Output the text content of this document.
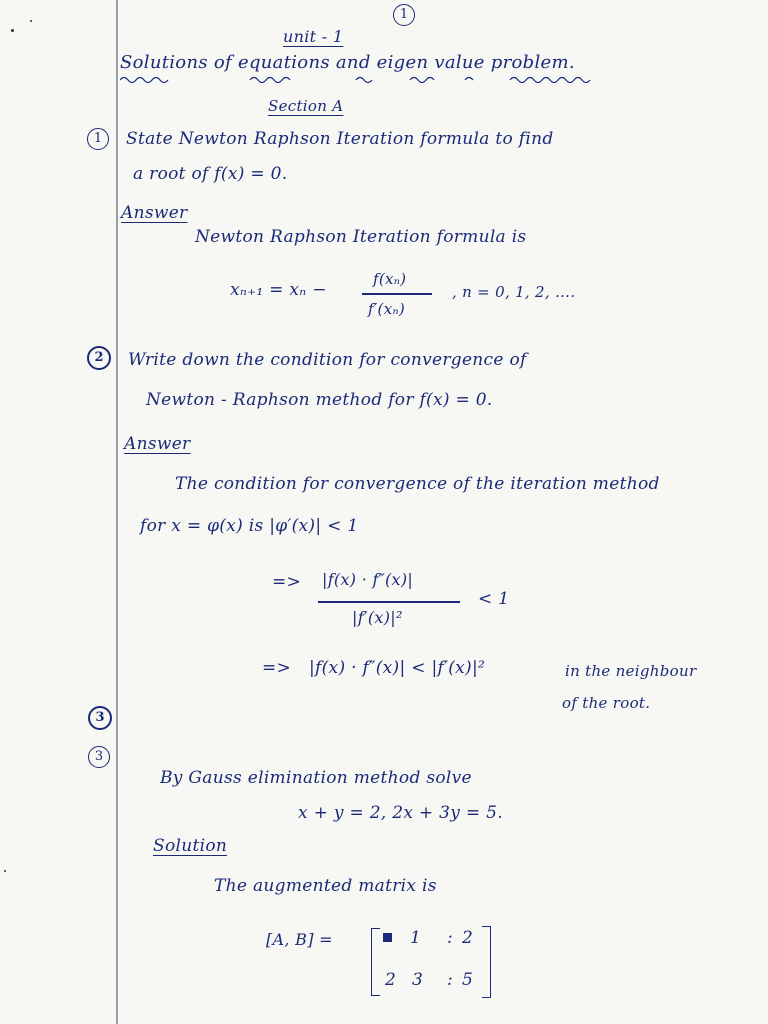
1
unit - 1
Solutions of equations and eigen value problem.
Section A
1	State Newton Raphson Iteration formula to find
a root of f(x) = 0.
Answer
Newton Raphson Iteration formula is
xₙ₊₁ = xₙ −
f(xₙ)
f′(xₙ)
, n = 0, 1, 2, ….
2	Write down the condition for convergence of
Newton - Raphson method for f(x) = 0.
Answer
The condition for convergence of the iteration method
for x = φ(x) is |φ′(x)| < 1
=> |f(x) · f″(x)|
|f′(x)|²
< 1
=> |f(x) · f″(x)| < |f′(x)|²	in the neighbour
of the root.
3
3
By Gauss elimination method solve
x + y = 2, 2x + 3y = 5.
Solution
The augmented matrix is
[A, B] =	1 : 2
2 3 : 5
